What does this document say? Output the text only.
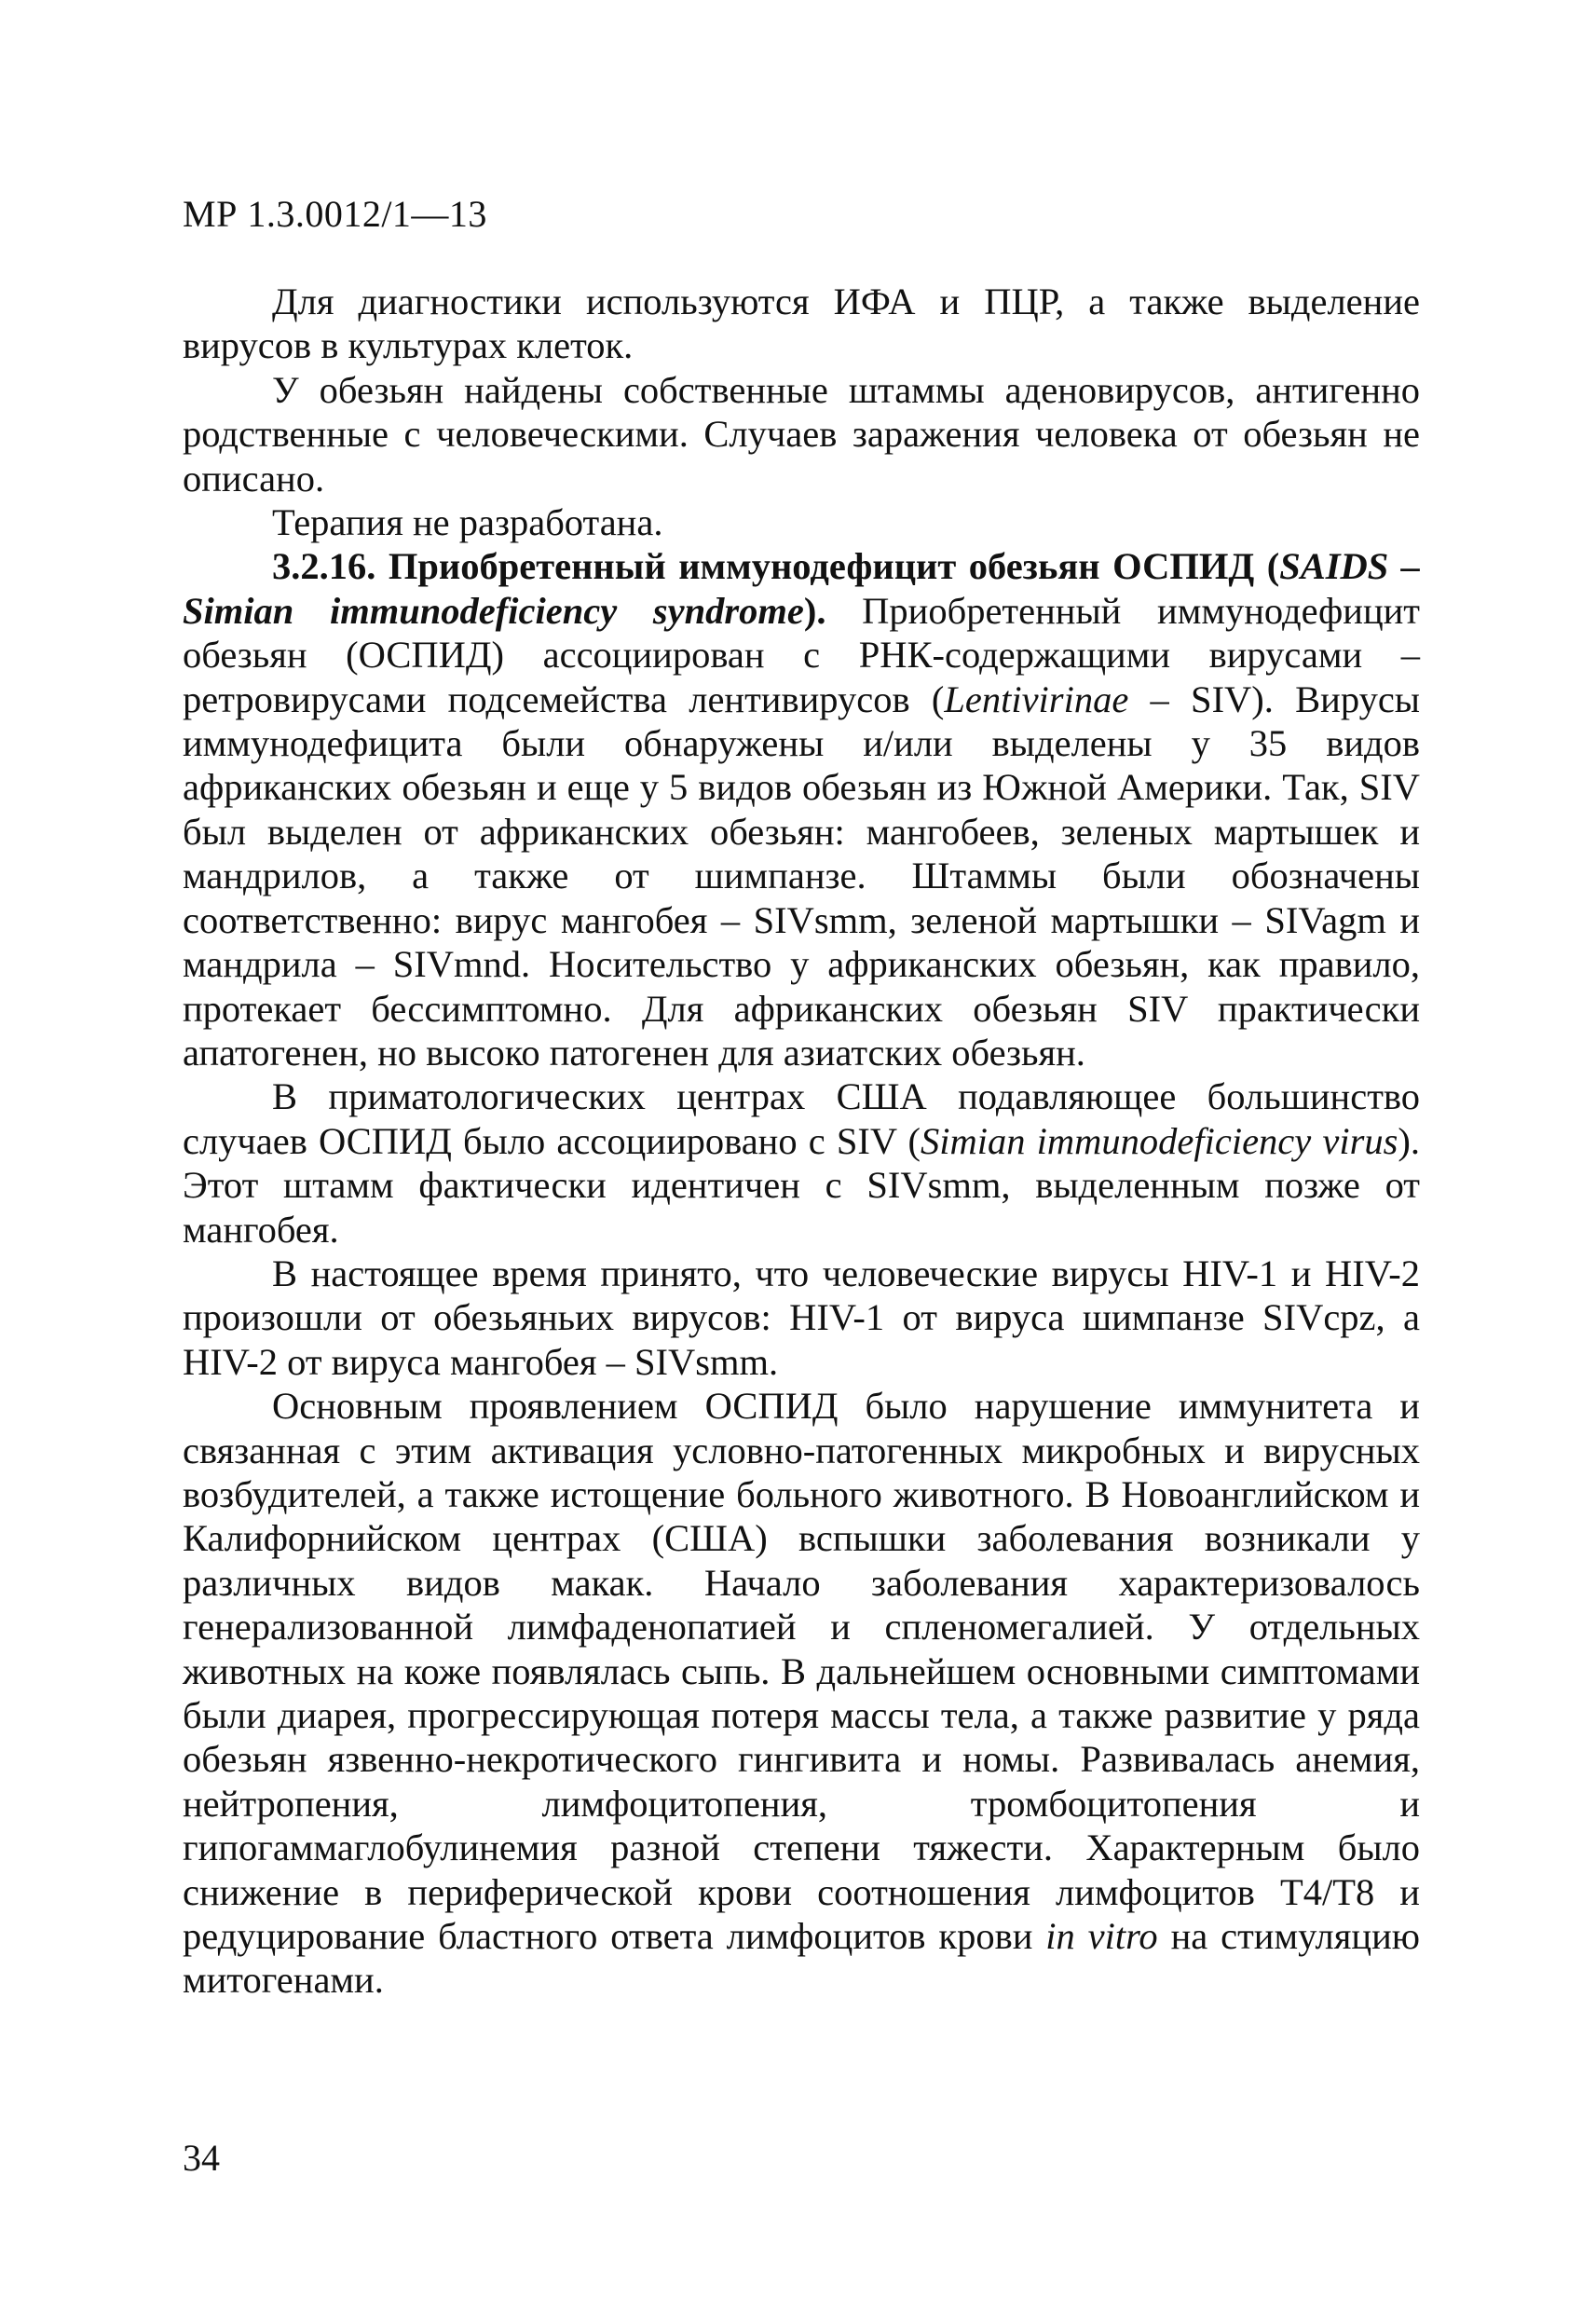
МР 1.3.0012/1—13

Для диагностики используются ИФА и ПЦР, а также выделение вирусов в культурах клеток.

У обезьян найдены собственные штаммы аденовирусов, антигенно родственные с человеческими. Случаев заражения человека от обезьян не описано.

Терапия не разработана.

3.2.16. Приобретенный иммунодефицит обезьян ОСПИД (SAIDS – Simian immunodeficiency syndrome). Приобретенный иммунодефицит обезьян (ОСПИД) ассоциирован с РНК-содержащими вирусами – ретровирусами подсемейства лентивирусов (Lentivirinae – SIV). Вирусы иммунодефицита были обнаружены и/или выделены у 35 видов африканских обезьян и еще у 5 видов обезьян из Южной Америки. Так, SIV был выделен от африканских обезьян: мангобеев, зеленых мартышек и мандрилов, а также от шимпанзе. Штаммы были обозначены соответственно: вирус мангобея – SIVsmm, зеленой мартышки – SIVagm и мандрила – SIVmnd. Носительство у африканских обезьян, как правило, протекает бессимптомно. Для африканских обезьян SIV практически апатогенен, но высоко патогенен для азиатских обезьян.

В приматологических центрах США подавляющее большинство случаев ОСПИД было ассоциировано с SIV (Simian immunodeficiency virus). Этот штамм фактически идентичен с SIVsmm, выделенным позже от мангобея.

В настоящее время принято, что человеческие вирусы HIV-1 и HIV-2 произошли от обезьяньих вирусов: HIV-1 от вируса шимпанзе SIVcpz, а HIV-2 от вируса мангобея – SIVsmm.

Основным проявлением ОСПИД было нарушение иммунитета и связанная с этим активация условно-патогенных микробных и вирусных возбудителей, а также истощение больного животного. В Новоанглийском и Калифорнийском центрах (США) вспышки заболевания возникали у различных видов макак. Начало заболевания характеризовалось генерализованной лимфаденопатией и спленомегалией. У отдельных животных на коже появлялась сыпь. В дальнейшем основными симптомами были диарея, прогрессирующая потеря массы тела, а также развитие у ряда обезьян язвенно-некротического гингивита и номы. Развивалась анемия, нейтропения, лимфоцитопения, тромбоцитопения и гипогаммаглобулинемия разной степени тяжести. Характерным было снижение в периферической крови соотношения лимфоцитов T4/T8 и редуцирование бластного ответа лимфоцитов крови in vitro на стимуляцию митогенами.

34
